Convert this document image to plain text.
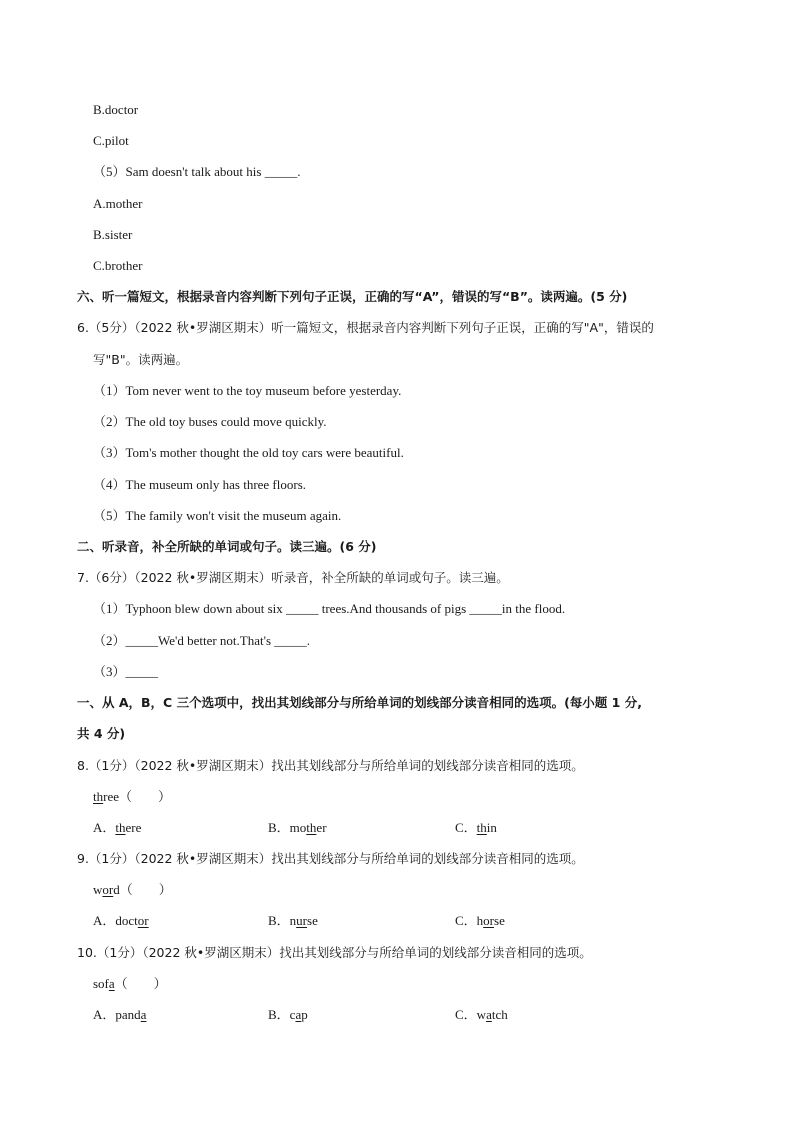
B.doctor
C.pilot
（5）Sam doesn't talk about his _____.
A.mother
B.sister
C.brother
六、听一篇短文，根据录音内容判断下列句子正误，正确的写“A”，错误的写“B”。读两遍。(5 分)
6.（5分）（2022 秋•罗湖区期末）听一篇短文，根据录音内容判断下列句子正误，正确的写"A"，错误的
写"B"。读两遍。
（1）Tom never went to the toy museum before yesterday.
（2）The old toy buses could move quickly.
（3）Tom's mother thought the old toy cars were beautiful.
（4）The museum only has three floors.
（5）The family won't visit the museum again.
二、听录音，补全所缺的单词或句子。读三遍。(6 分)
7.（6分）（2022 秋•罗湖区期末）听录音，补全所缺的单词或句子。读三遍。
（1）Typhoon blew down about six _____ trees.And thousands of pigs _____in the flood.
（2）_____We'd better not.That's _____.
（3）_____
一、从 A，B，C 三个选项中，找出其划线部分与所给单词的划线部分读音相同的选项。(每小题 1 分,
共 4 分)
8.（1分）（2022 秋•罗湖区期末）找出其划线部分与所给单词的划线部分读音相同的选项。
three（　　）
A．there	B．mother	C．thin
9.（1分）（2022 秋•罗湖区期末）找出其划线部分与所给单词的划线部分读音相同的选项。
word（　　）
A．doctor	B．nurse	C．horse
10.（1分）（2022 秋•罗湖区期末）找出其划线部分与所给单词的划线部分读音相同的选项。
sofa（　　）
A．panda	B．cap	C．watch
